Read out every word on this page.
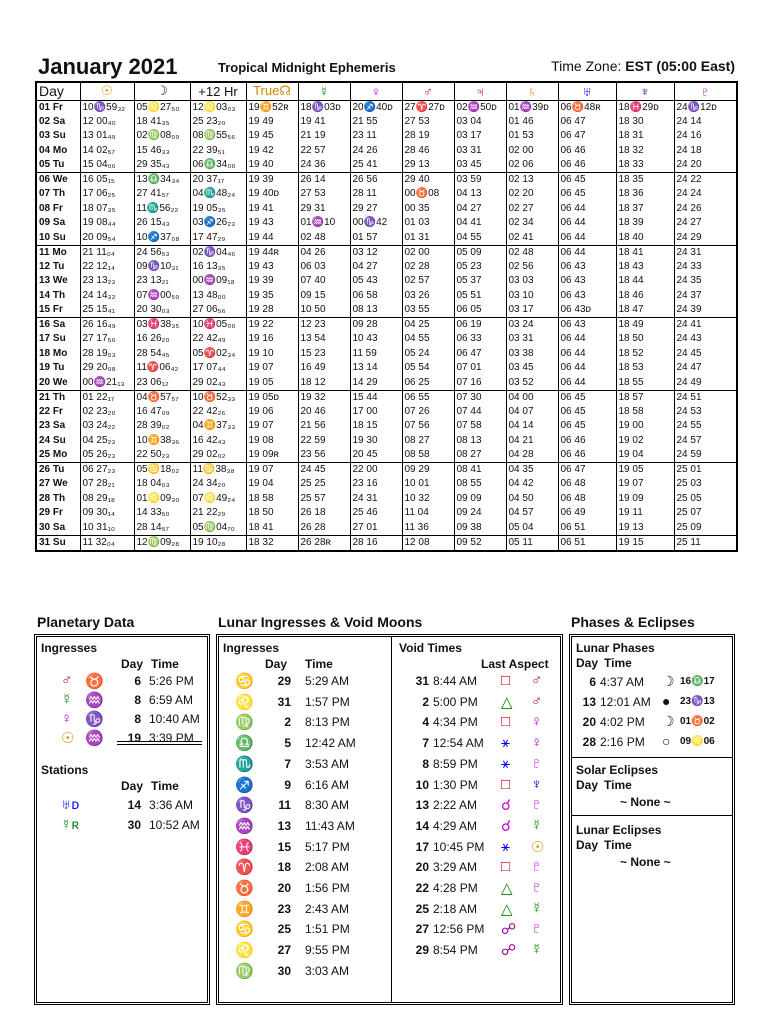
January 2021	Tropical Midnight Ephemeris	Time Zone: EST (05:00 East)
Day	☉	☽	+12 Hr	True☊	☿	♀	♂	♃	♄	♅	♆	♇
01 Fr	10♑59₃₂	05♌27₅₀	12♌03₀₃	19♊52ʀ	18♑03ᴅ	20♐40ᴅ	27♈27ᴅ	02♒50ᴅ	01♒39ᴅ	06♉48ʀ	18♓29ᴅ	24♑12ᴅ
02 Sa	12 00₄₀	18 41₃₅	25 23₂₀	19 49	19 41	21 55	27 53	03 04	01 46	06 47	18 30	24 14
03 Su	13 01₄₉	02♍08₀₉	08♍55₅₆	19 45	21 19	23 11	28 19	03 17	01 53	06 47	18 31	24 16
04 Mo	14 02₅₇	15 46₃₃	22 39₅₁	19 42	22 57	24 26	28 46	03 31	02 00	06 46	18 32	24 18
05 Tu	15 04₀₆	29 35₄₃	06♎34₀₀	19 40	24 36	25 41	29 13	03 45	02 06	06 46	18 33	24 20
06 We	16 05₁₅	13♎34₃₄	20 37₁₇	19 39	26 14	26 56	29 40	03 59	02 13	06 45	18 35	24 22
07 Th	17 06₂₅	27 41₅₇	04♏48₂₄	19 40ᴅ	27 53	28 11	00♉08	04 13	02 20	06 45	18 36	24 24
08 Fr	18 07₃₅	11♏56₂₂	19 05₃₅	19 41	29 31	29 27	00 35	04 27	02 27	06 44	18 37	24 26
09 Sa	19 08₄₄	26 15₄₃	03♐26₂₃	19 43	01♒10	00♑42	01 03	04 41	02 34	06 44	18 39	24 27
10 Su	20 09₅₄	10♐37₀₈	17 47₂₉	19 44	02 48	01 57	01 31	04 55	02 41	06 44	18 40	24 29
11 Mo	21 11₀₄	24 56₅₃	02♑04₄₆	19 44ʀ	04 26	03 12	02 00	05 09	02 48	06 44	18 41	24 31
12 Tu	22 12₁₄	09♑10₃₁	16 13₃₅	19 43	06 03	04 27	02 28	05 23	02 56	06 43	18 43	24 33
13 We	23 13₂₃	23 13₂₁	00♒09₁₈	19 39	07 40	05 43	02 57	05 37	03 03	06 43	18 44	24 35
14 Th	24 14₃₂	07♒00₅₉	13 48₀₀	19 35	09 15	06 58	03 26	05 51	03 10	06 43	18 46	24 37
15 Fr	25 15₄₁	20 30₀₃	27 06₅₆	19 28	10 50	08 13	03 55	06 05	03 17	06 43ᴅ	18 47	24 39
16 Sa	26 16₄₉	03♓38₃₅	10♓05₀₀	19 22	12 23	09 28	04 25	06 19	03 24	06 43	18 49	24 41
17 Su	27 17₅₆	16 26₂₀	22 42₄₉	19 16	13 54	10 43	04 55	06 33	03 31	06 44	18 50	24 43
18 Mo	28 19₀₃	28 54₄₅	05♈02₃₄	19 10	15 23	11 59	05 24	06 47	03 38	06 44	18 52	24 45
19 Tu	29 20₀₈	11♈06₄₂	17 07₄₄	19 07	16 49	13 14	05 54	07 01	03 45	06 44	18 53	24 47
20 We	00♒21₁₃	23 06₁₂	29 02₄₃	19 05	18 12	14 29	06 25	07 16	03 52	06 44	18 55	24 49
21 Th	01 22₁₇	04♉57₅₇	10♉52₃₃	19 05ᴅ	19 32	15 44	06 55	07 30	04 00	06 45	18 57	24 51
22 Fr	02 23₂₀	16 47₀₉	22 42₂₆	19 06	20 46	17 00	07 26	07 44	04 07	06 45	18 58	24 53
23 Sa	03 24₂₂	28 39₀₂	04♊37₃₃	19 07	21 56	18 15	07 56	07 58	04 14	06 45	19 00	24 55
24 Su	04 25₂₃	10♊38₃₆	16 42₄₃	19 08	22 59	19 30	08 27	08 13	04 21	06 46	19 02	24 57
25 Mo	05 26₂₃	22 50₂₃	29 02₀₂	19 09ʀ	23 56	20 45	08 58	08 27	04 28	06 46	19 04	24 59
26 Tu	06 27₂₃	05♋18₀₂	11♋38₃₈	19 07	24 45	22 00	09 29	08 41	04 35	06 47	19 05	25 01
27 We	07 28₂₁	18 04₀₃	24 34₂₀	19 04	25 25	23 16	10 01	08 55	04 42	06 48	19 07	25 03
28 Th	08 29₁₈	01♌09₃₀	07♌49₂₄	18 58	25 57	24 31	10 32	09 09	04 50	06 48	19 09	25 05
29 Fr	09 30₁₄	14 33₅₀	21 22₂₉	18 50	26 18	25 46	11 04	09 24	04 57	06 49	19 11	25 07
30 Sa	10 31₁₀	28 14₅₇	05♍04₇₀	18 41	26 28	27 01	11 36	09 38	05 04	06 51	19 13	25 09
31 Su	11 32₀₄	12♍09₂₈	19 10₂₈	18 32	26 28ʀ	28 16	12 08	09 52	05 11	06 51	19 15	25 11
Planetary Data
Ingresses
Day Time
♂ ♉	6 5:26 PM
☿ ♒	8 6:59 AM
♀ ♑	8 10:40 AM
☉ ♒	19 3:39 PM
Stations
Day Time
♅ᴅ	14 3:36 AM
☿ʀ	30 10:52 AM
Lunar Ingresses & Void Moons
Ingresses
Day Time
Void Times
Last Aspect
♋	29 5:29 AM
♌	31 1:57 PM
♍	2 8:13 PM
♎	5 12:42 AM
♏	7 3:53 AM
♐	9 6:16 AM
♑	11 8:30 AM
♒	13 11:43 AM
♓	15 5:17 PM
♈	18 2:08 AM
♉	20 1:56 PM
♊	23 2:43 AM
♋	25 1:51 PM
♌	27 9:55 PM
♍	30 3:03 AM
31 8:44 AM □ ♂
2 5:00 PM △ ♂
4 4:34 PM □ ♀
7 12:54 AM ⚹ ♀
8 8:59 PM ⚹ ♇
10 1:30 PM □ ♆
13 2:22 AM ☌ ♇
14 4:29 AM ☌ ☿
17 10:45 PM ⚹ ☉
20 3:29 AM □ ♇
22 4:28 PM △ ♇
25 2:18 AM △ ☿
27 12:56 PM ☍ ♇
29 8:54 PM ☍ ☿
Phases & Eclipses
Lunar Phases
Day Time
6 4:37 AM ☽ 16♎17
13 12:01 AM ● 23♑13
20 4:02 PM ☽ 01♉02
28 2:16 PM ○ 09♌06
Solar Eclipses
Day Time
~ None ~
Lunar Eclipses
Day Time
~ None ~
